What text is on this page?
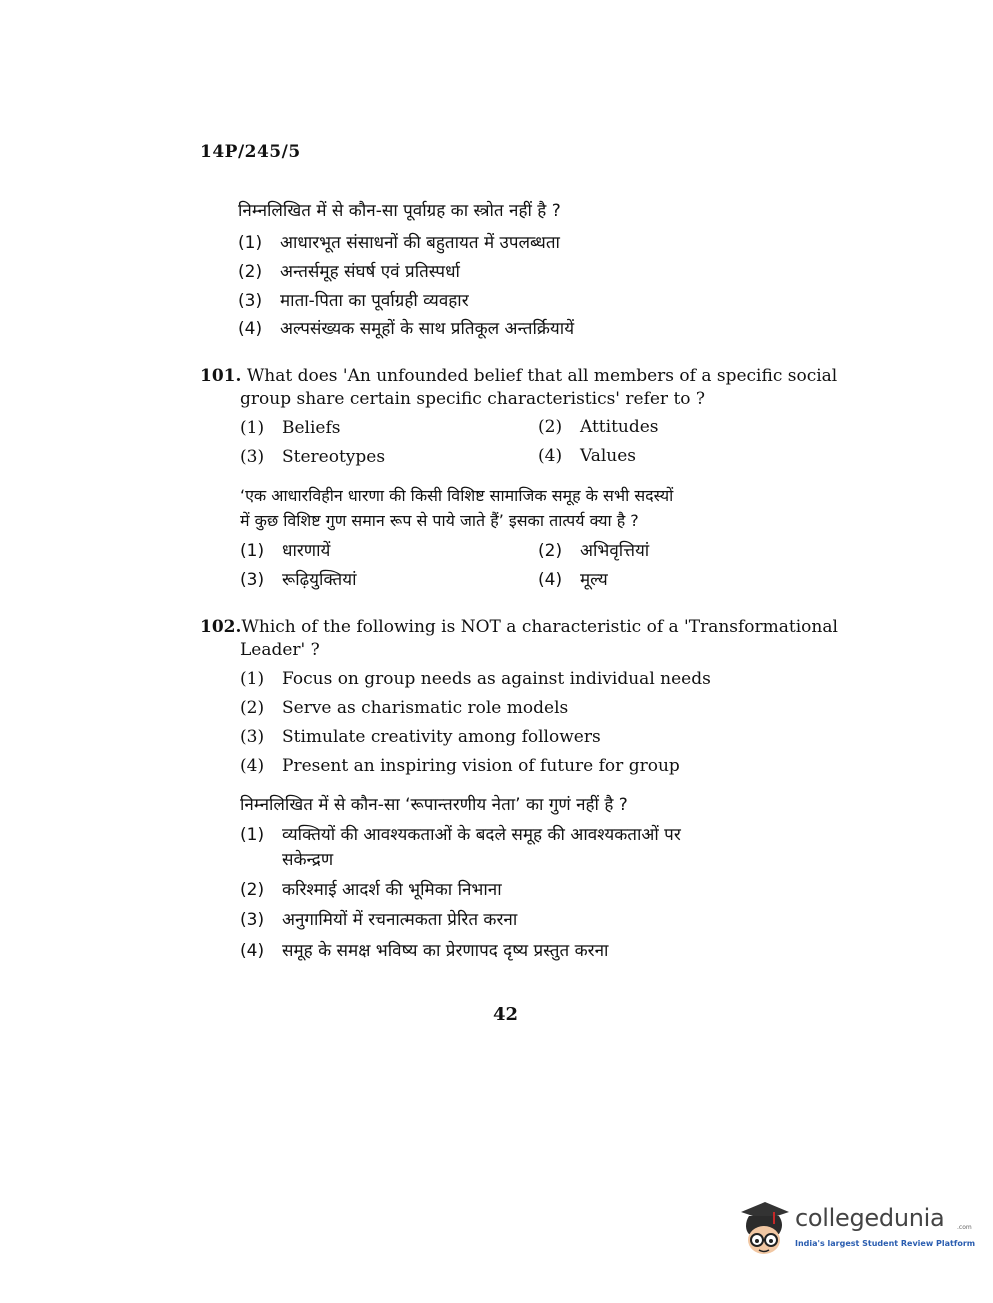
14P/245/5
निम्नलिखित में से कौन-सा पूर्वाग्रह का स्त्रोत नहीं है ?
(1) आधारभूत संसाधनों की बहुतायत में उपलब्धता
(2) अन्तर्समूह संघर्ष एवं प्रतिस्पर्धा
(3) माता-पिता का पूर्वाग्रही व्यवहार
(4) अल्पसंख्यक समूहों के साथ प्रतिकूल अन्तर्क्रियायें
101. What does 'An unfounded belief that all members of a specific social
group share certain specific characteristics' refer to ?
(1) Beliefs	(2) Attitudes
(3) Stereotypes	(4) Values
‘एक आधारविहीन धारणा की किसी विशिष्ट सामाजिक समूह के सभी सदस्यों
में कुछ विशिष्ट गुण समान रूप से पाये जाते हैं’ इसका तात्पर्य क्या है ?
(1) धारणायें	(2) अभिवृत्तियां
(3) रूढ़ियुक्तियां	(4) मूल्य
102.Which of the following is NOT a characteristic of a 'Transformational
Leader' ?
(1) Focus on group needs as against individual needs
(2) Serve as charismatic role models
(3) Stimulate creativity among followers
(4) Present an inspiring vision of future for group
निम्नलिखित में से कौन-सा ‘रूपान्तरणीय नेता’ का गुणं नहीं है ?
(1) व्यक्तियों की आवश्यकताओं के बदले समूह की आवश्यकताओं पर
सकेन्द्रण
(2) करिश्माई आदर्श की भूमिका निभाना
(3) अनुगामियों में रचनात्मकता प्रेरित करना
(4) समूह के समक्ष भविष्य का प्रेरणापद दृष्य प्रस्तुत करना
42
collegedunia .com
India's largest Student Review Platform
